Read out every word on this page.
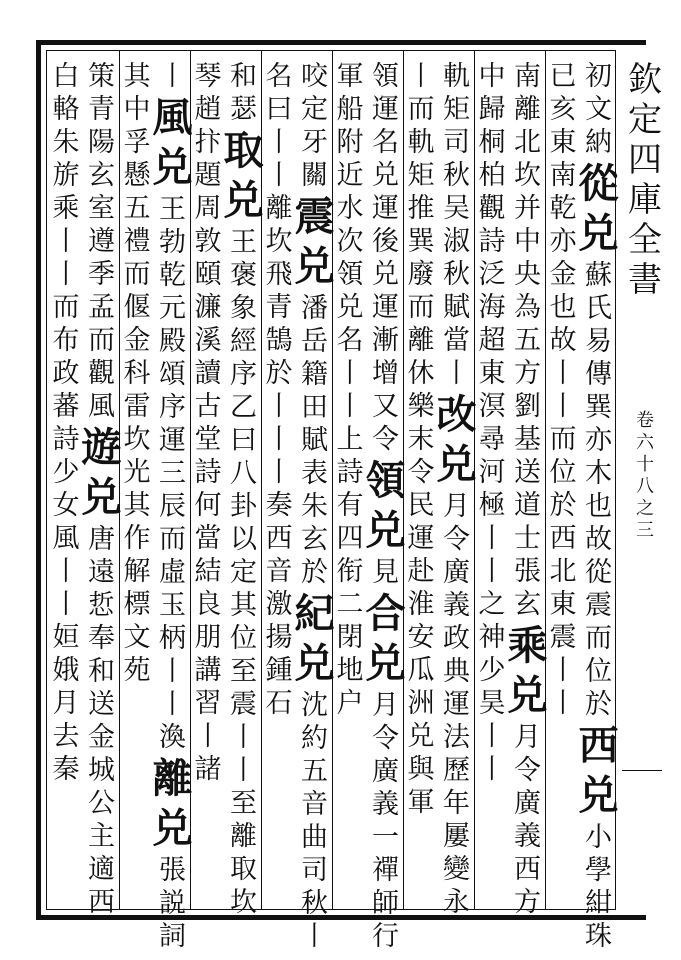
初
文
納
從
兑
蘇
氏
易
傳
巽
亦
木
也
故
從
震
而
位
於
西
兑
小
學
紺
珠
已
亥
東
南
乾
亦
金
也
故
丨
丨
而
位
於
西
北
東
震
丨
丨
南
離
北
坎
并
中
央
為
五
方
劉
基
送
道
士
張
玄
乘
兑
月
令
廣
義
西
方
中
歸
桐
柏
觀
詩
泛
海
超
東
溟
尋
河
極
丨
丨
之
神
少
昊
丨
丨
軌
矩
司
秋
吴
淑
秋
賦
當
丨
改
兑
月
令
廣
義
政
典
運
法
歷
年
屢
變
永
丨
而
軌
矩
推
巽
廢
而
離
休
樂
末
令
民
運
赴
淮
安
瓜
洲
兑
與
軍
領
運
名
兑
運
後
兑
運
漸
增
又
令
領
兑
見
合
兑
月
令
廣
義
一
禪
師
行
軍
船
附
近
水
次
領
兑
名
丨
丨
上
詩
有
四
衔
二
閉
地
户
咬
定
牙
關
震
兑
潘
岳
籍
田
賦
表
朱
玄
於
紀
兑
沈
約
五
音
曲
司
秋
丨
名
曰
丨
丨
離
坎
飛
青
鵠
於
丨
丨
丨
奏
西
音
激
揚
鍾
石
和
瑟
取
兑
王
褒
象
經
序
乙
曰
八
卦
以
定
其
位
至
震
丨
丨
至
離
取
坎
琴
趙
抃
題
周
敦
頤
濂
溪
讀
古
堂
詩
何
當
結
良
朋
講
習
丨
諸
丨
風
兑
王
勃
乾
元
殿
頌
序
運
三
辰
而
虛
玉
柄
丨
丨
渙
離
兑
張
説
詞
其
中
孚
懸
五
禮
而
偃
金
科
雷
坎
光
其
作
解
標
文
苑
策
青
陽
玄
室
遵
季
孟
而
觀
風
遊
兑
唐
遠
悊
奉
和
送
金
城
公
主
適
西
白
輅
朱
旂
乘
丨
丨
而
布
政
蕃
詩
少
女
風
丨
丨
姮
娥
月
去
秦
欽
定
四
庫
全
書
卷
六
十
八
之
三
